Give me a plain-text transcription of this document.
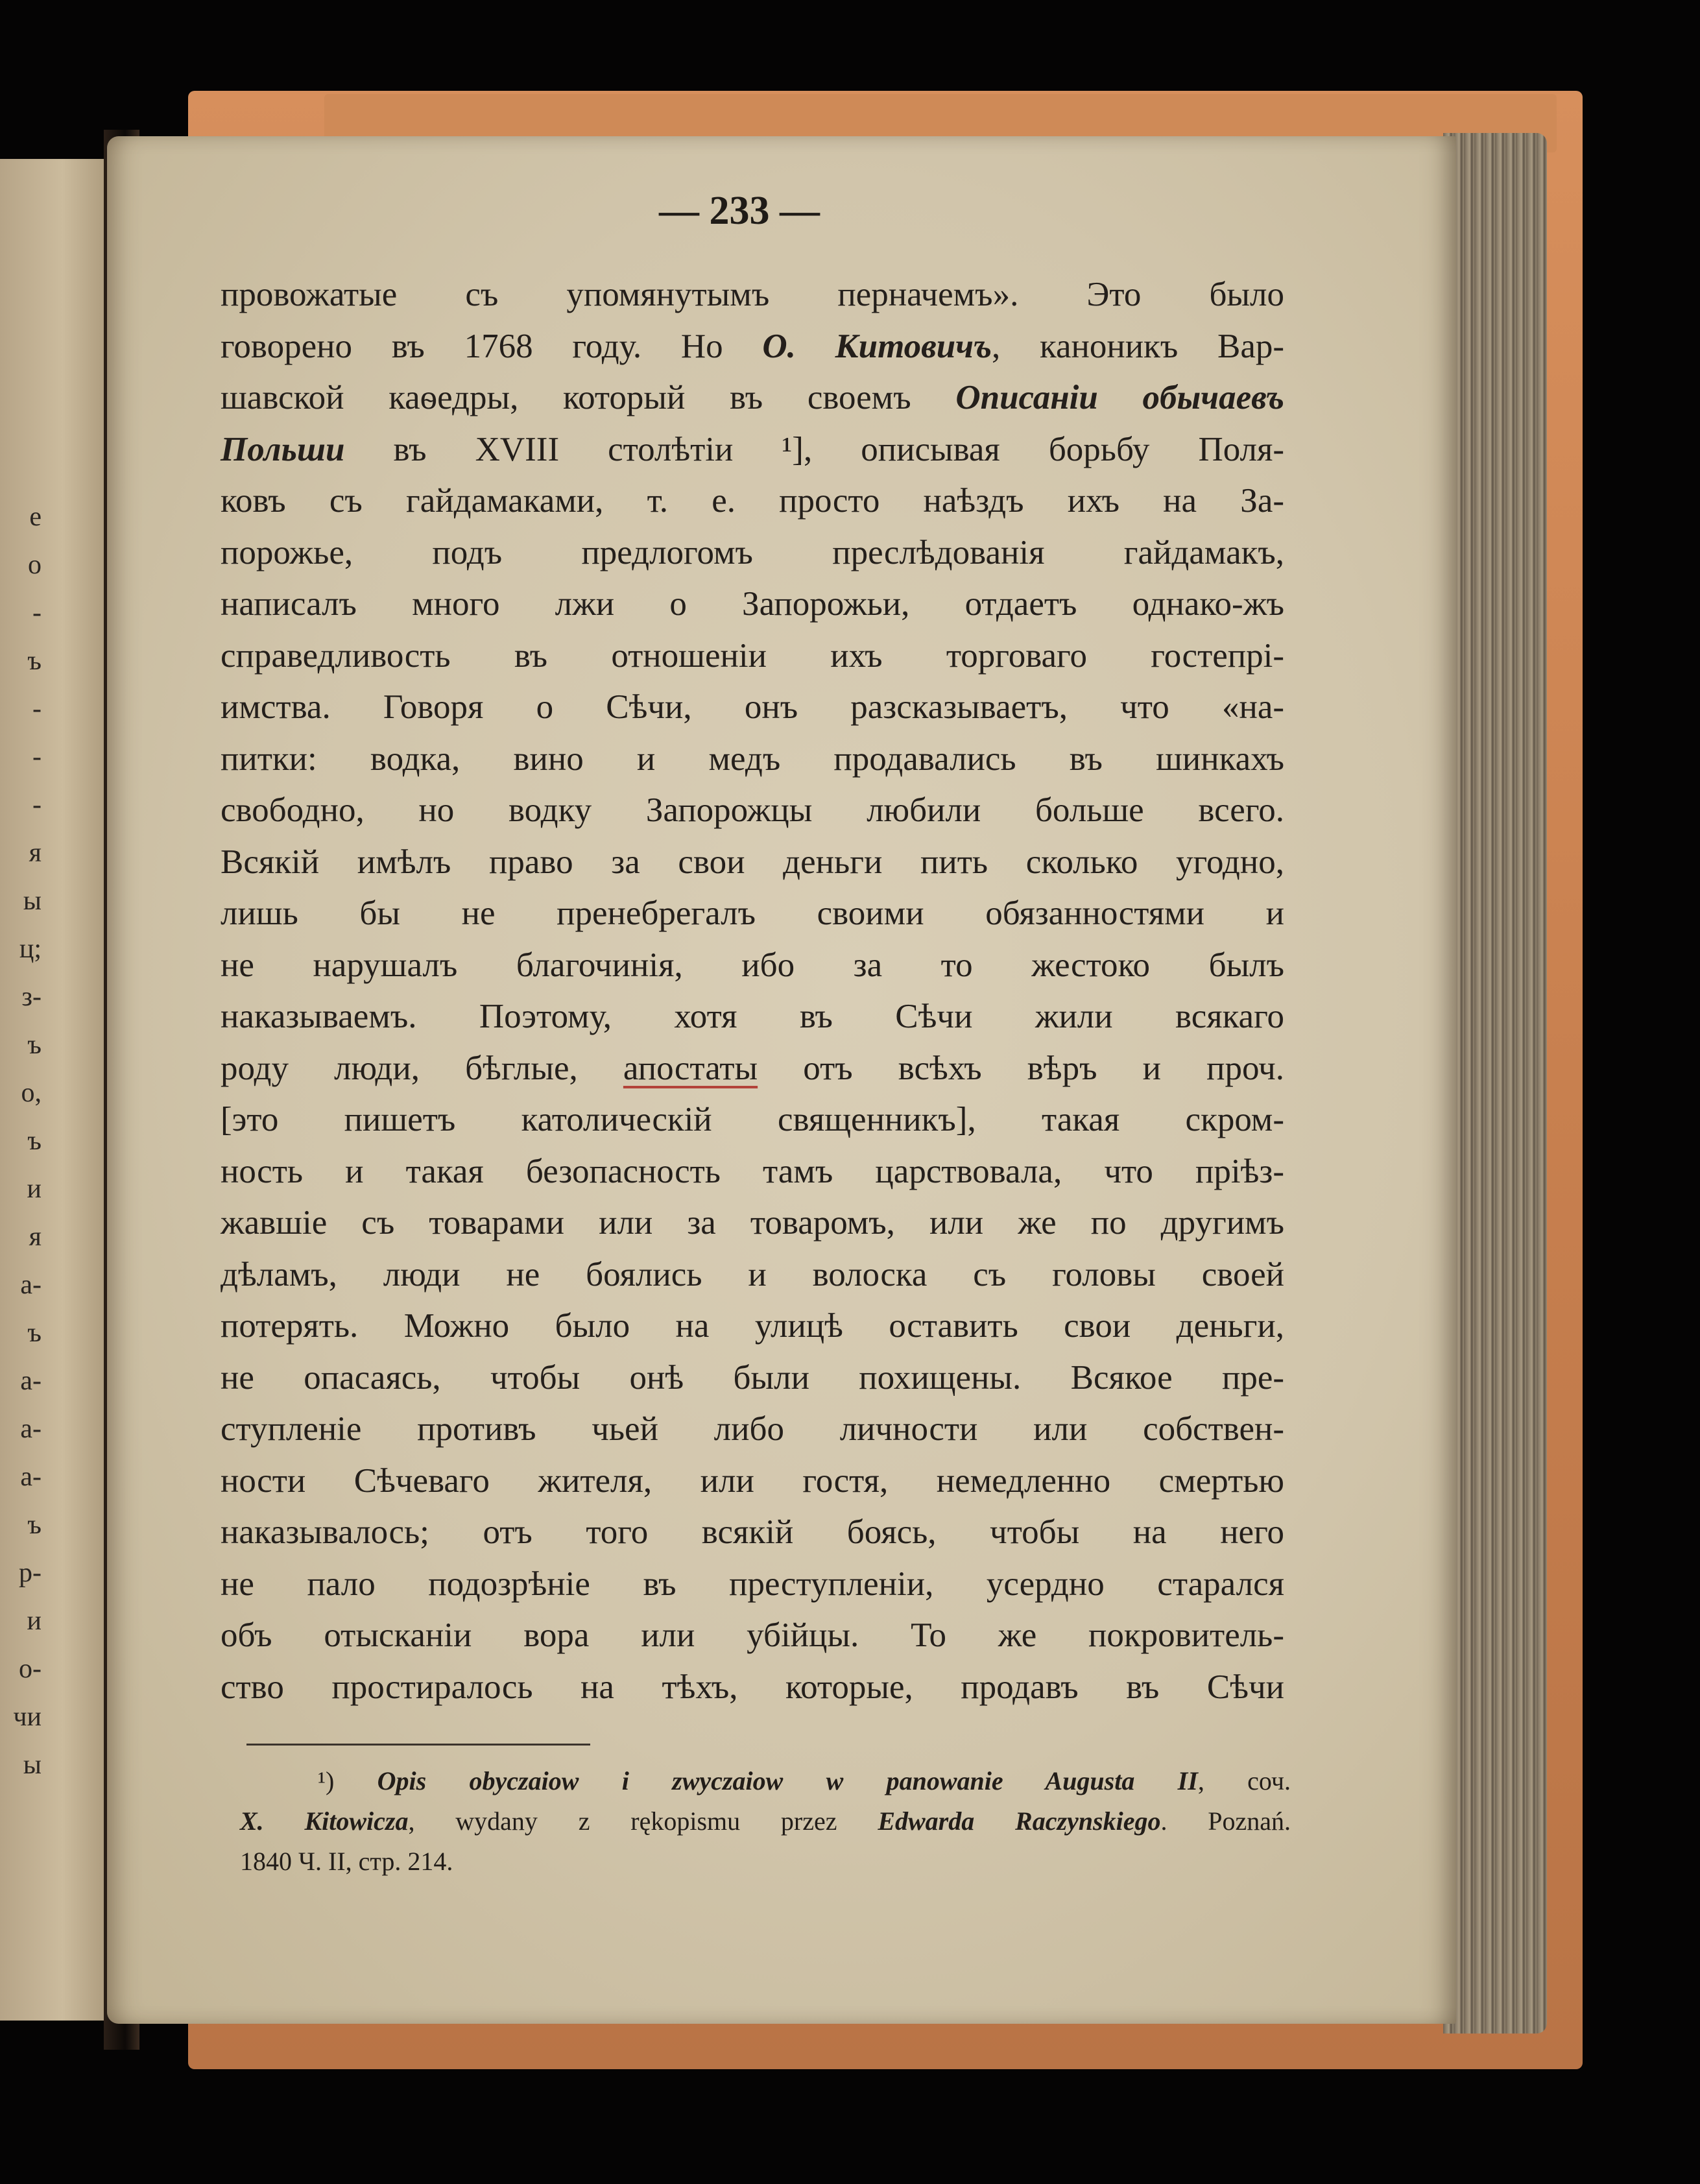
е
о
-
ъ
-
-
-
я
ы
ц;
з-
ъ
о,
ъ
и
я
а-
ъ
а-
а-
а-
ъ
р-
и
о-
чи
ы
— 233 —
провожатые съ упомянутымъ перначемъ». Это было
говорено въ 1768 году. Но О. Китовичъ, каноникъ Вар-
шавской каѳедры, который въ своемъ Описаніи обычаевъ
Польши въ XVIII столѣтіи ¹], описывая борьбу Поля-
ковъ съ гайдамаками, т. е. просто наѣздъ ихъ на За-
порожье, подъ предлогомъ преслѣдованія гайдамакъ,
написалъ много лжи о Запорожьи, отдаетъ однако-жъ
справедливость въ отношеніи ихъ торговаго гостепрі-
имства. Говоря о Сѣчи, онъ разсказываетъ, что «на-
питки: водка, вино и медъ продавались въ шинкахъ
свободно, но водку Запорожцы любили больше всего.
Всякій имѣлъ право за свои деньги пить сколько угодно,
лишь бы не пренебрегалъ своими обязанностями и
не нарушалъ благочинія, ибо за то жестоко былъ
наказываемъ. Поэтому, хотя въ Сѣчи жили всякаго
роду люди, бѣглые, апостаты отъ всѣхъ вѣръ и проч.
[это пишетъ католическій священникъ], такая скром-
ность и такая безопасность тамъ царствовала, что пріѣз-
жавшіе съ товарами или за товаромъ, или же по другимъ
дѣламъ, люди не боялись и волоска съ головы своей
потерять. Можно было на улицѣ оставить свои деньги,
не опасаясь, чтобы онѣ были похищены. Всякое пре-
ступленіе противъ чьей либо личности или собствен-
ности Сѣчеваго жителя, или гостя, немедленно смертью
наказывалось; отъ того всякій боясь, чтобы на него
не пало подозрѣніе въ преступленіи, усердно старался
объ отысканіи вора или убійцы. То же покровитель-
ство простиралось на тѣхъ, которые, продавъ въ Сѣчи
¹) Opis obyczaiow i zwyczaiow w panowanie Augusta II, соч.
X. Kitowicza, wydany z rękopismu przez Edwarda Raczynskiego. Poznań.
1840 Ч. II, стр. 214.
